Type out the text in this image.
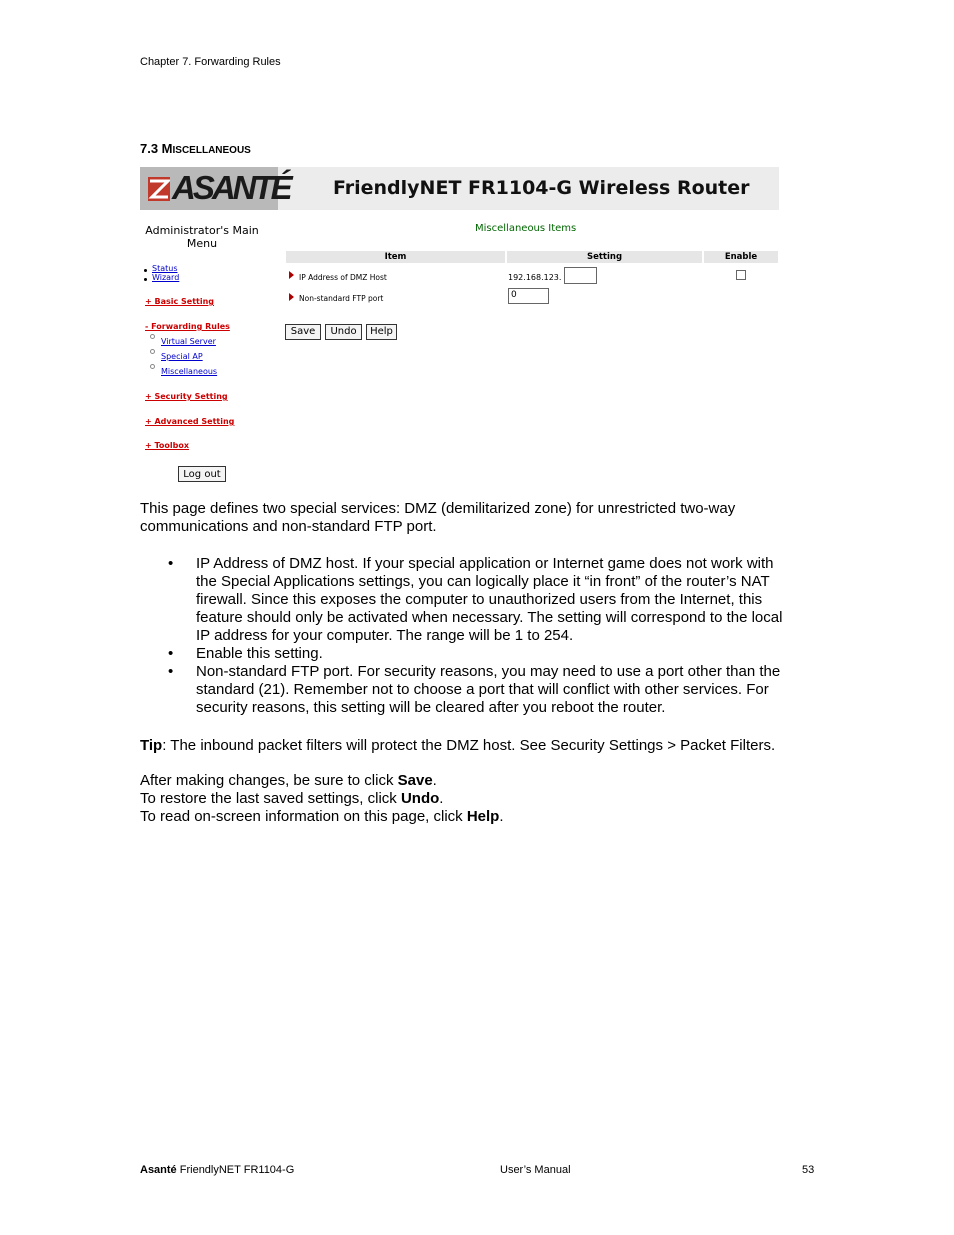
Chapter 7. Forwarding Rules
7.3 MISCELLANEOUS
ASANTÉ FriendlyNET FR1104-G Wireless Router
Administrator's Main
Menu
Status
Wizard
+ Basic Setting
- Forwarding Rules
Virtual Server
Special AP
Miscellaneous
+ Security Setting
+ Advanced Setting
+ Toolbox
Log out
Miscellaneous Items
Item	Setting	Enable
IP Address of DMZ Host	192.168.123.
Non-standard FTP port	0
Save	Undo	Help
This page defines two special services: DMZ (demilitarized zone) for unrestricted two-way
communications and non-standard FTP port.
• IP Address of DMZ host. If your special application or Internet game does not work with
the Special Applications settings, you can logically place it “in front” of the router’s NAT
firewall. Since this exposes the computer to unauthorized users from the Internet, this
feature should only be activated when necessary. The setting will correspond to the local
IP address for your computer. The range will be 1 to 254.
• Enable this setting.
• Non-standard FTP port. For security reasons, you may need to use a port other than the
standard (21). Remember not to choose a port that will conflict with other services. For
security reasons, this setting will be cleared after you reboot the router.
Tip: The inbound packet filters will protect the DMZ host. See Security Settings > Packet Filters.
After making changes, be sure to click Save.
To restore the last saved settings, click Undo.
To read on-screen information on this page, click Help.
Asanté FriendlyNET FR1104-G	User’s Manual	53
